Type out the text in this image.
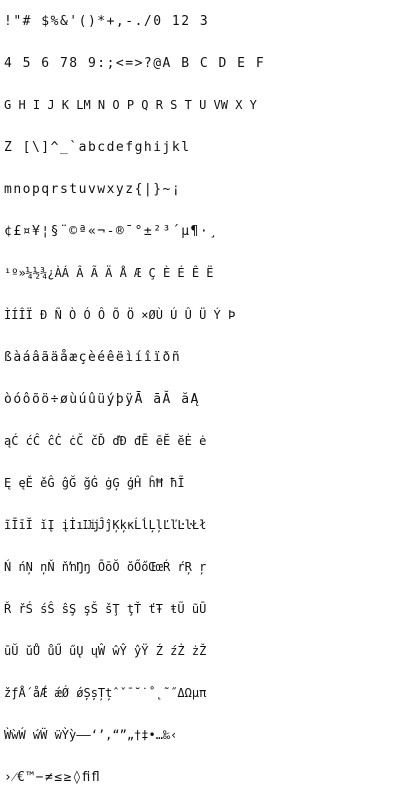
!"# $%&'()*+,-./0 12 3
4 5 6 78 9:;<=>?@A B C D E F
G H I J K LM N O P Q R S T U VW X Y
Z [\]^_`abcdefghijkl
mnopqrstuvwxyz{|}~¡
¢£¤¥¦§¨©ª«¬-®¯°±²³´µ¶·¸
¹º»¼½¾¿ÀÁ Â Ã Ä Å Æ Ç È É Ê Ë
ÌÍÎÏ Ð Ñ Ò Ó Ô Õ Ö ×ØÙ Ú Û Ü Ý Þ
ßàáâãäåæçèéêëìíîïðñ
òóôõö÷øùúûüýþÿĀ āĂ ăĄ
ąĆ ćĈ ĉĊ ċČ čĎ ďĐ đĒ ēĔ ĕĖ ė
Ę ęĚ ěĜ ĝĞ ğĠ ġĢ ģĤ ĥĦ ħĨ
ĩĪīĬ ĭĮ įİıĲĳĴĵĶķĸĹĺĻļĽľĿŀŁł
Ń ńŅ ņŇ ňŉŊŋ ŌōŎ ŏŐőŒœŔ ŕŖ ŗ
Ř řŚ śŜ ŝŞ şŠ šŢ ţŤ ťŦ ŧŨ ũŪ
ūŬ ŭŮ ůŰ űŲ ųŴ ŵŶ ŷŸ Ź źŻ żŽ
žƒǺ ǻǼ ǽǾ ǿȘșȚțˆˇˉ˘˙˚˛˜˝ΔΩμπ
ẀẁẂ ẃẄ ẅỲỳ–—‘’‚“”„†‡•…‰‹
›⁄€™−≠≤≥◊ﬁﬂ
